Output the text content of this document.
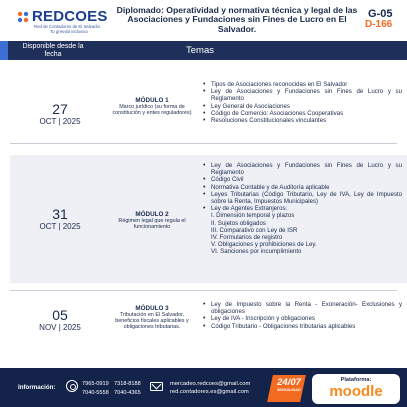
REDCOES
Red de Contadores de El Salvador
Tu gremial inclusiva
Diplomado: Operatividad y normativa técnica y legal de las Asociaciones y Fundaciones sin Fines de Lucro en El Salvador.
G-05
D-166
Disponible desde la fecha	Temas
27
OCT | 2025
MÓDULO 1
Marco jurídico (su forma de constitución y entes reguladores)
• Tipos de Asociaciones reconocidas en El Salvador
• Ley de Asociaciones y Fundaciones sin Fines de Lucro y su Reglamento
• Ley General de Asociaciones
• Código de Comercio: Asociaciones Cooperativas
• Resoluciones Constitucionales vinculantes
31
OCT | 2025
MÓDULO 2
Régimen legal que regula el funcionamiento
• Ley de Asociaciones y Fundaciones sin Fines de Lucro y su Reglamento
• Código Civil
• Normativa Contable y de Auditoría aplicable
• Leyes Tributarias (Código Tributario, Ley de IVA, Ley de Impuesto sobre la Renta, Impuestos Municipales)
• Ley de Agentes Extranjeros:
I. Dimensión temporal y plazos
II. Sujetos obligados
III. Comparativo con Ley de ISR
IV. Formularios de registro
V. Obligaciones y prohibiciones de Ley.
VI. Sanciones por incumplimiento
05
NOV | 2025
MÓDULO 3
Tributación en El Salvador, beneficios fiscales aplicables y obligaciones tributarias.
• Ley de Impuesto sobre la Renta - Exoneración- Exclusiones y obligaciones
• Ley de IVA - Inscripción y obligaciones
• Código Tributario - Obligaciones tributarias aplicables
Información:	7965-0919 7318-8188
7040-5558 7040-4365
mercadeo.redcoes@gmail.com
red.contadores.es@gmail.com
24/07
MODALIDAD
Plataforma:
moodle
